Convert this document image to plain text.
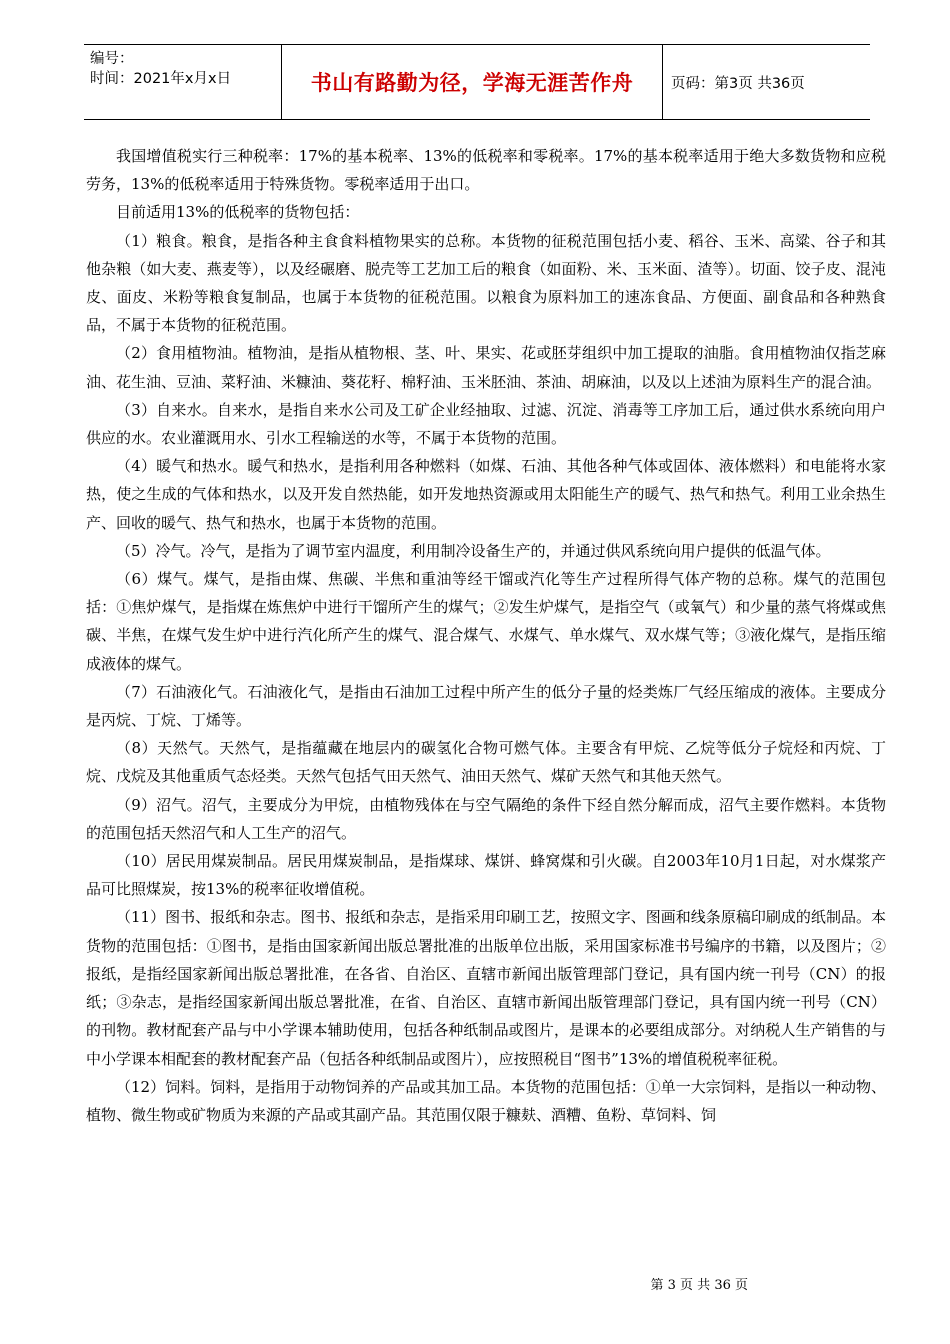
编号：
时间：2021年x月x日	书山有路勤为径，学海无涯苦作舟	页码：第3页 共36页

我国增值税实行三种税率：17%的基本税率、13%的低税率和零税率。17%的基本税率适用于绝大多数货物和应税劳务，13%的低税率适用于特殊货物。零税率适用于出口。

目前适用13%的低税率的货物包括：

（1）粮食。粮食，是指各种主食食料植物果实的总称。本货物的征税范围包括小麦、稻谷、玉米、高粱、谷子和其他杂粮（如大麦、燕麦等），以及经碾磨、脱壳等工艺加工后的粮食（如面粉、米、玉米面、渣等）。切面、饺子皮、混沌皮、面皮、米粉等粮食复制品，也属于本货物的征税范围。以粮食为原料加工的速冻食品、方便面、副食品和各种熟食品，不属于本货物的征税范围。

（2）食用植物油。植物油，是指从植物根、茎、叶、果实、花或胚芽组织中加工提取的油脂。食用植物油仅指芝麻油、花生油、豆油、菜籽油、米糠油、葵花籽、棉籽油、玉米胚油、茶油、胡麻油，以及以上述油为原料生产的混合油。

（3）自来水。自来水，是指自来水公司及工矿企业经抽取、过滤、沉淀、消毒等工序加工后，通过供水系统向用户供应的水。农业灌溉用水、引水工程输送的水等，不属于本货物的范围。

（4）暖气和热水。暖气和热水，是指利用各种燃料（如煤、石油、其他各种气体或固体、液体燃料）和电能将水家热，使之生成的气体和热水，以及开发自然热能，如开发地热资源或用太阳能生产的暖气、热气和热气。利用工业余热生产、回收的暖气、热气和热水，也属于本货物的范围。

（5）冷气。冷气，是指为了调节室内温度，利用制冷设备生产的，并通过供风系统向用户提供的低温气体。

（6）煤气。煤气，是指由煤、焦碳、半焦和重油等经干馏或汽化等生产过程所得气体产物的总称。煤气的范围包括：①焦炉煤气，是指煤在炼焦炉中进行干馏所产生的煤气；②发生炉煤气，是指空气（或氧气）和少量的蒸气将煤或焦碳、半焦，在煤气发生炉中进行汽化所产生的煤气、混合煤气、水煤气、单水煤气、双水煤气等；③液化煤气，是指压缩成液体的煤气。

（7）石油液化气。石油液化气，是指由石油加工过程中所产生的低分子量的烃类炼厂气经压缩成的液体。主要成分是丙烷、丁烷、丁烯等。

（8）天然气。天然气，是指蕴藏在地层内的碳氢化合物可燃气体。主要含有甲烷、乙烷等低分子烷烃和丙烷、丁烷、戊烷及其他重质气态烃类。天然气包括气田天然气、油田天然气、煤矿天然气和其他天然气。

（9）沼气。沼气，主要成分为甲烷，由植物残体在与空气隔绝的条件下经自然分解而成，沼气主要作燃料。本货物的范围包括天然沼气和人工生产的沼气。

（10）居民用煤炭制品。居民用煤炭制品，是指煤球、煤饼、蜂窝煤和引火碳。自2003年10月1日起，对水煤浆产品可比照煤炭，按13%的税率征收增值税。

（11）图书、报纸和杂志。图书、报纸和杂志，是指采用印刷工艺，按照文字、图画和线条原稿印刷成的纸制品。本货物的范围包括：①图书，是指由国家新闻出版总署批准的出版单位出版，采用国家标准书号编序的书籍，以及图片；②报纸，是指经国家新闻出版总署批准，在各省、自治区、直辖市新闻出版管理部门登记，具有国内统一刊号（CN）的报纸；③杂志，是指经国家新闻出版总署批准，在省、自治区、直辖市新闻出版管理部门登记，具有国内统一刊号（CN）的刊物。教材配套产品与中小学课本辅助使用，包括各种纸制品或图片，是课本的必要组成部分。对纳税人生产销售的与中小学课本相配套的教材配套产品（包括各种纸制品或图片），应按照税目“图书”13%的增值税税率征税。

（12）饲料。饲料，是指用于动物饲养的产品或其加工品。本货物的范围包括：①单一大宗饲料，是指以一种动物、植物、微生物或矿物质为来源的产品或其副产品。其范围仅限于糠麸、酒糟、鱼粉、草饲料、饲

第 3 页 共 36 页
